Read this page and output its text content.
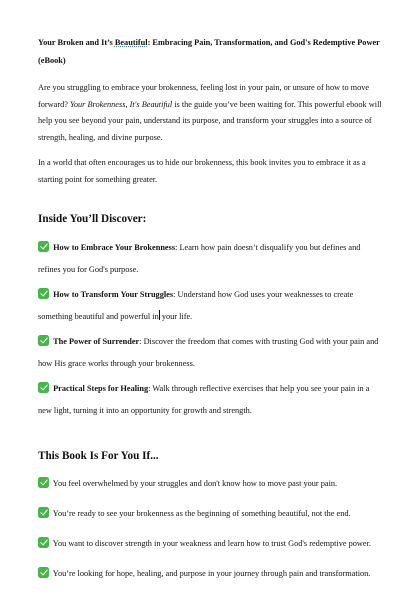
Your Broken and It’s Beautiful: Embracing Pain, Transformation, and God's Redemptive Power (eBook)

Are you struggling to embrace your brokenness, feeling lost in your pain, or unsure of how to move forward? Your Brokenness, It's Beautiful is the guide you’ve been waiting for. This powerful ebook will help you see beyond your pain, understand its purpose, and transform your struggles into a source of strength, healing, and divine purpose.

In a world that often encourages us to hide our brokenness, this book invites you to embrace it as a starting point for something greater.

Inside You’ll Discover:
How to Embrace Your Brokenness: Learn how pain doesn’t disqualify you but defines and refines you for God's purpose.
How to Transform Your Struggles: Understand how God uses your weaknesses to create something beautiful and powerful in your life.
The Power of Surrender: Discover the freedom that comes with trusting God with your pain and how His grace works through your brokenness.
Practical Steps for Healing: Walk through reflective exercises that help you see your pain in a new light, turning it into an opportunity for growth and strength.
This Book Is For You If...
You feel overwhelmed by your struggles and don't know how to move past your pain.
You’re ready to see your brokenness as the beginning of something beautiful, not the end.
You want to discover strength in your weakness and learn how to trust God's redemptive power.
You’re looking for hope, healing, and purpose in your journey through pain and transformation.
